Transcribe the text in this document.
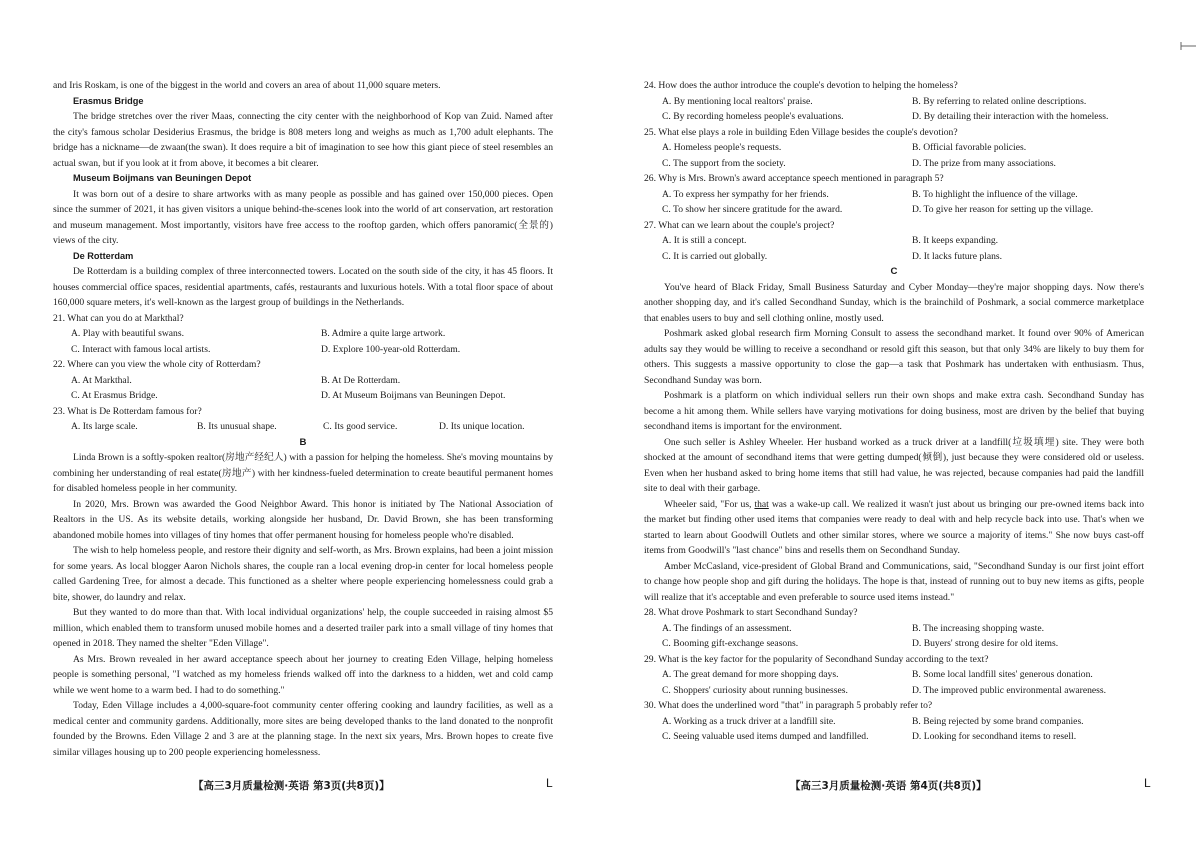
and Iris Roskam, is one of the biggest in the world and covers an area of about 11,000 square meters.

Erasmus Bridge

The bridge stretches over the river Maas, connecting the city center with the neighborhood of Kop van Zuid. Named after the city's famous scholar Desiderius Erasmus, the bridge is 808 meters long and weighs as much as 1,700 adult elephants. The bridge has a nickname—de zwaan(the swan). It does require a bit of imagination to see how this giant piece of steel resembles an actual swan, but if you look at it from above, it becomes a bit clearer.

Museum Boijmans van Beuningen Depot

It was born out of a desire to share artworks with as many people as possible and has gained over 150,000 pieces. Open since the summer of 2021, it has given visitors a unique behind-the-scenes look into the world of art conservation, art restoration and museum management. Most importantly, visitors have free access to the rooftop garden, which offers panoramic(全景的) views of the city.

De Rotterdam

De Rotterdam is a building complex of three interconnected towers. Located on the south side of the city, it has 45 floors. It houses commercial office spaces, residential apartments, cafés, restaurants and luxurious hotels. With a total floor space of about 160,000 square meters, it's well-known as the largest group of buildings in the Netherlands.

21. What can you do at Markthal?

A. Play with beautiful swans.	B. Admire a quite large artwork.

C. Interact with famous local artists.	D. Explore 100-year-old Rotterdam.

22. Where can you view the whole city of Rotterdam?

A. At Markthal.	B. At De Rotterdam.

C. At Erasmus Bridge.	D. At Museum Boijmans van Beuningen Depot.

23. What is De Rotterdam famous for?

A. Its large scale.	B. Its unusual shape.	C. Its good service.	D. Its unique location.

B

Linda Brown is a softly-spoken realtor(房地产经纪人) with a passion for helping the homeless. She's moving mountains by combining her understanding of real estate(房地产) with her kindness-fueled determination to create beautiful permanent homes for disabled homeless people in her community.

In 2020, Mrs. Brown was awarded the Good Neighbor Award. This honor is initiated by The National Association of Realtors in the US. As its website details, working alongside her husband, Dr. David Brown, she has been transforming abandoned mobile homes into villages of tiny homes that offer permanent housing for homeless people who're disabled.

The wish to help homeless people, and restore their dignity and self-worth, as Mrs. Brown explains, had been a joint mission for some years. As local blogger Aaron Nichols shares, the couple ran a local evening drop-in center for local homeless people called Gardening Tree, for almost a decade. This functioned as a shelter where people experiencing homelessness could grab a bite, shower, do laundry and relax.

But they wanted to do more than that. With local individual organizations' help, the couple succeeded in raising almost $5 million, which enabled them to transform unused mobile homes and a deserted trailer park into a small village of tiny homes that opened in 2018. They named the shelter "Eden Village".

As Mrs. Brown revealed in her award acceptance speech about her journey to creating Eden Village, helping homeless people is something personal, "I watched as my homeless friends walked off into the darkness to a hidden, wet and cold camp while we went home to a warm bed. I had to do something."

Today, Eden Village includes a 4,000-square-foot community center offering cooking and laundry facilities, as well as a medical center and community gardens. Additionally, more sites are being developed thanks to the land donated to the nonprofit founded by the Browns. Eden Village 2 and 3 are at the planning stage. In the next six years, Mrs. Brown hopes to create five similar villages housing up to 200 people experiencing homelessness.

【高三3月质量检测·英语 第3页(共8页)】	L

24. How does the author introduce the couple's devotion to helping the homeless?

A. By mentioning local realtors' praise.	B. By referring to related online descriptions.

C. By recording homeless people's evaluations.	D. By detailing their interaction with the homeless.

25. What else plays a role in building Eden Village besides the couple's devotion?

A. Homeless people's requests.	B. Official favorable policies.

C. The support from the society.	D. The prize from many associations.

26. Why is Mrs. Brown's award acceptance speech mentioned in paragraph 5?

A. To express her sympathy for her friends.	B. To highlight the influence of the village.

C. To show her sincere gratitude for the award.	D. To give her reason for setting up the village.

27. What can we learn about the couple's project?

A. It is still a concept.	B. It keeps expanding.

C. It is carried out globally.	D. It lacks future plans.

C

You've heard of Black Friday, Small Business Saturday and Cyber Monday—they're major shopping days. Now there's another shopping day, and it's called Secondhand Sunday, which is the brainchild of Poshmark, a social commerce marketplace that enables users to buy and sell clothing online, mostly used.

Poshmark asked global research firm Morning Consult to assess the secondhand market. It found over 90% of American adults say they would be willing to receive a secondhand or resold gift this season, but that only 34% are likely to buy them for others. This suggests a massive opportunity to close the gap—a task that Poshmark has undertaken with enthusiasm. Thus, Secondhand Sunday was born.

Poshmark is a platform on which individual sellers run their own shops and make extra cash. Secondhand Sunday has become a hit among them. While sellers have varying motivations for doing business, most are driven by the belief that buying secondhand items is important for the environment.

One such seller is Ashley Wheeler. Her husband worked as a truck driver at a landfill(垃圾填埋) site. They were both shocked at the amount of secondhand items that were getting dumped(倾倒), just because they were considered old or useless. Even when her husband asked to bring home items that still had value, he was rejected, because companies had paid the landfill site to deal with their garbage.

Wheeler said, "For us, that was a wake-up call. We realized it wasn't just about us bringing our pre-owned items back into the market but finding other used items that companies were ready to deal with and help recycle back into use. That's when we started to learn about Goodwill Outlets and other similar stores, where we source a majority of items." She now buys cast-off items from Goodwill's "last chance" bins and resells them on Secondhand Sunday.

Amber McCasland, vice-president of Global Brand and Communications, said, "Secondhand Sunday is our first joint effort to change how people shop and gift during the holidays. The hope is that, instead of running out to buy new items as gifts, people will realize that it's acceptable and even preferable to source used items instead."

28. What drove Poshmark to start Secondhand Sunday?

A. The findings of an assessment.	B. The increasing shopping waste.

C. Booming gift-exchange seasons.	D. Buyers' strong desire for old items.

29. What is the key factor for the popularity of Secondhand Sunday according to the text?

A. The great demand for more shopping days.	B. Some local landfill sites' generous donation.

C. Shoppers' curiosity about running businesses.	D. The improved public environmental awareness.

30. What does the underlined word "that" in paragraph 5 probably refer to?

A. Working as a truck driver at a landfill site.	B. Being rejected by some brand companies.

C. Seeing valuable used items dumped and landfilled.	D. Looking for secondhand items to resell.

【高三3月质量检测·英语 第4页(共8页)】	L
